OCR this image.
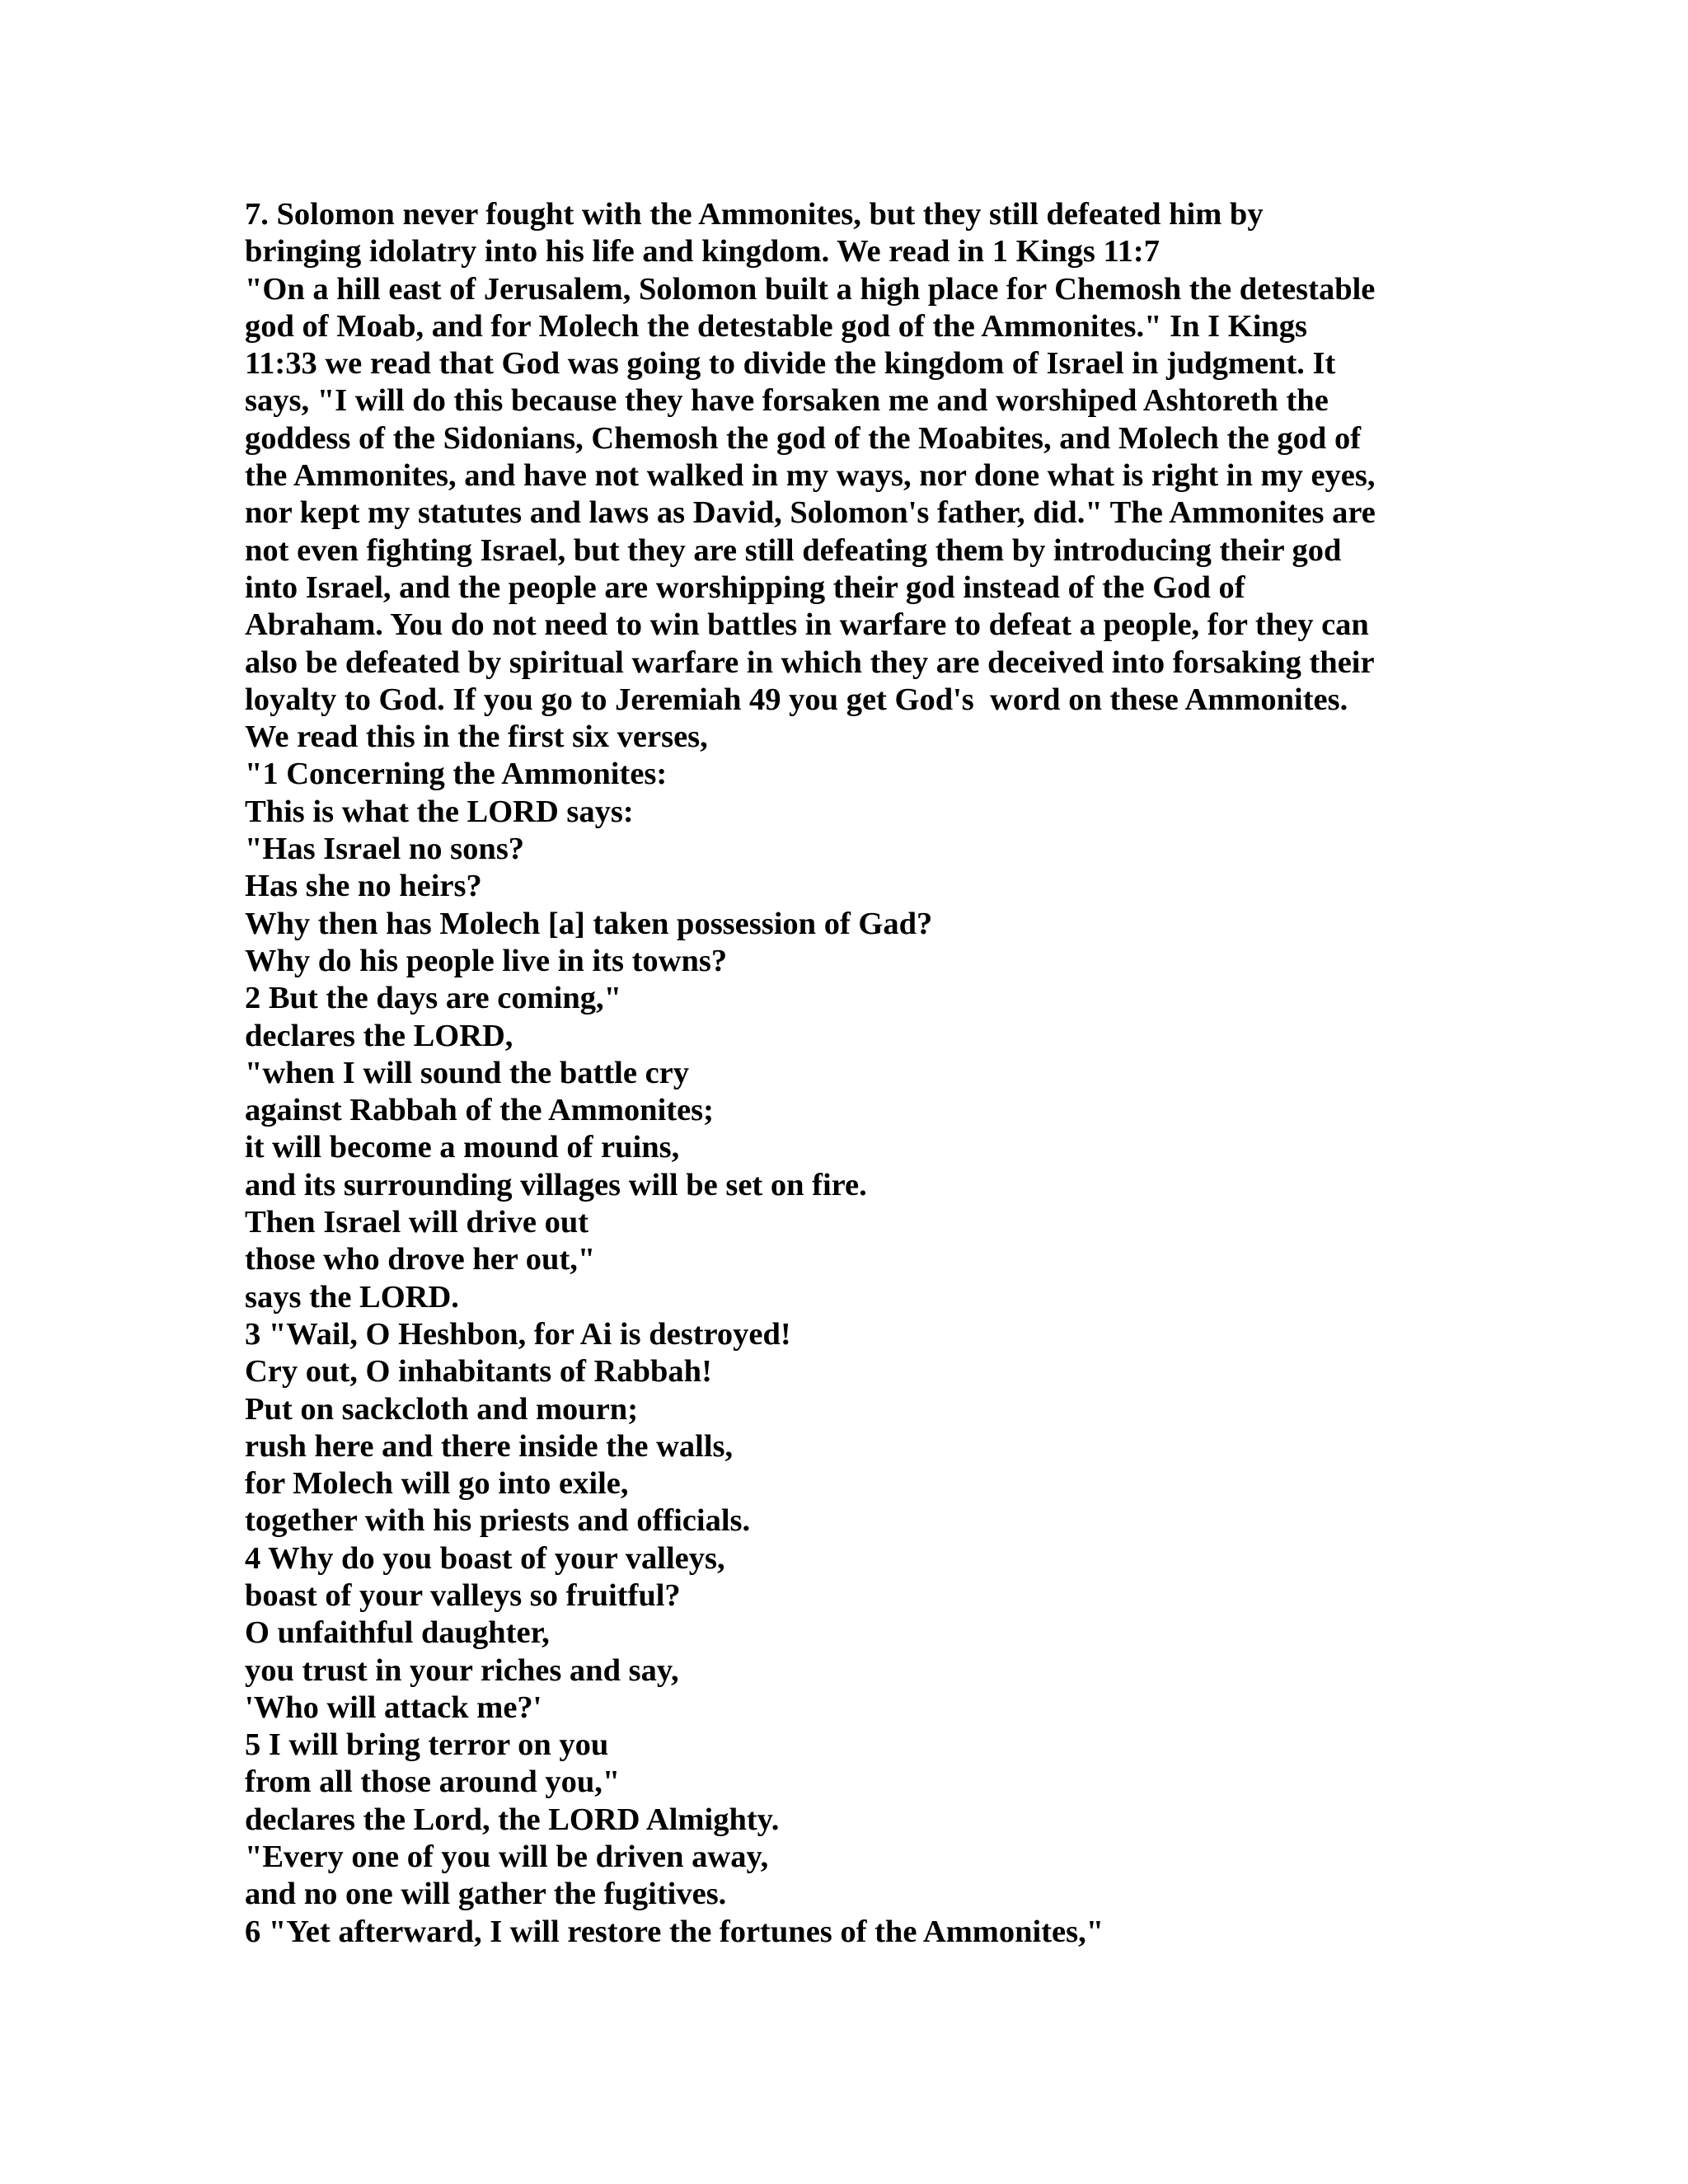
7. Solomon never fought with the Ammonites, but they still defeated him by
bringing idolatry into his life and kingdom. We read in 1 Kings 11:7
"On a hill east of Jerusalem, Solomon built a high place for Chemosh the detestable
god of Moab, and for Molech the detestable god of the Ammonites." In I Kings
11:33 we read that God was going to divide the kingdom of Israel in judgment. It
says, "I will do this because they have forsaken me and worshiped Ashtoreth the
goddess of the Sidonians, Chemosh the god of the Moabites, and Molech the god of
the Ammonites, and have not walked in my ways, nor done what is right in my eyes,
nor kept my statutes and laws as David, Solomon's father, did." The Ammonites are
not even fighting Israel, but they are still defeating them by introducing their god
into Israel, and the people are worshipping their god instead of the God of
Abraham. You do not need to win battles in warfare to defeat a people, for they can
also be defeated by spiritual warfare in which they are deceived into forsaking their
loyalty to God. If you go to Jeremiah 49 you get God's  word on these Ammonites.
We read this in the first six verses,
"1 Concerning the Ammonites:
This is what the LORD says:
"Has Israel no sons?
Has she no heirs?
Why then has Molech [a] taken possession of Gad?
Why do his people live in its towns?
2 But the days are coming,"
declares the LORD,
"when I will sound the battle cry
against Rabbah of the Ammonites;
it will become a mound of ruins,
and its surrounding villages will be set on fire.
Then Israel will drive out
those who drove her out,"
says the LORD.
3 "Wail, O Heshbon, for Ai is destroyed!
Cry out, O inhabitants of Rabbah!
Put on sackcloth and mourn;
rush here and there inside the walls,
for Molech will go into exile,
together with his priests and officials.
4 Why do you boast of your valleys,
boast of your valleys so fruitful?
O unfaithful daughter,
you trust in your riches and say,
'Who will attack me?'
5 I will bring terror on you
from all those around you,"
declares the Lord, the LORD Almighty.
"Every one of you will be driven away,
and no one will gather the fugitives.
6 "Yet afterward, I will restore the fortunes of the Ammonites,"
